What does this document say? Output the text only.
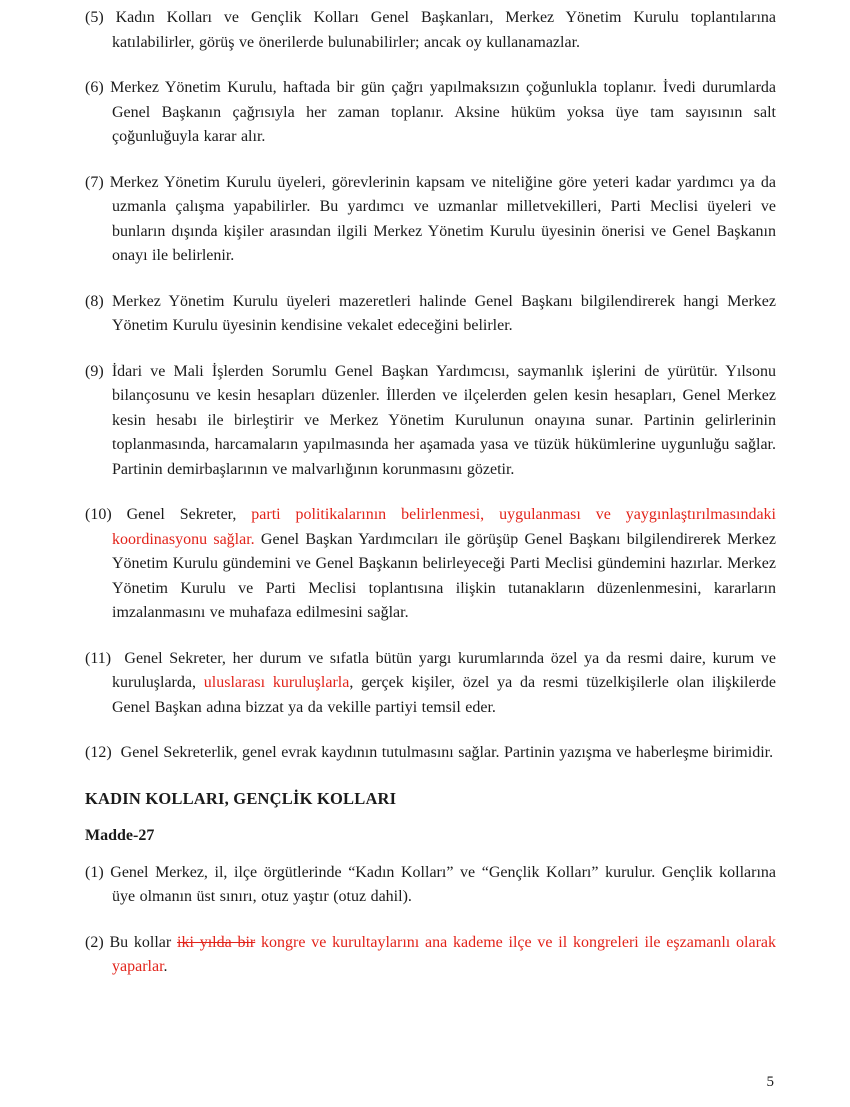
(5) Kadın Kolları ve Gençlik Kolları Genel Başkanları, Merkez Yönetim Kurulu toplantılarına katılabilirler, görüş ve önerilerde bulunabilirler; ancak oy kullanamazlar.

(6) Merkez Yönetim Kurulu, haftada bir gün çağrı yapılmaksızın çoğunlukla toplanır. İvedi durumlarda Genel Başkanın çağrısıyla her zaman toplanır. Aksine hüküm yoksa üye tam sayısının salt çoğunluğuyla karar alır.

(7) Merkez Yönetim Kurulu üyeleri, görevlerinin kapsam ve niteliğine göre yeteri kadar yardımcı ya da uzmanla çalışma yapabilirler. Bu yardımcı ve uzmanlar milletvekilleri, Parti Meclisi üyeleri ve bunların dışında kişiler arasından ilgili Merkez Yönetim Kurulu üyesinin önerisi ve Genel Başkanın onayı ile belirlenir.

(8) Merkez Yönetim Kurulu üyeleri mazeretleri halinde Genel Başkanı bilgilendirerek hangi Merkez Yönetim Kurulu üyesinin kendisine vekalet edeceğini belirler.

(9) İdari ve Mali İşlerden Sorumlu Genel Başkan Yardımcısı, saymanlık işlerini de yürütür. Yılsonu bilançosunu ve kesin hesapları düzenler. İllerden ve ilçelerden gelen kesin hesapları, Genel Merkez kesin hesabı ile birleştirir ve Merkez Yönetim Kurulunun onayına sunar. Partinin gelirlerinin toplanmasında, harcamaların yapılmasında her aşamada yasa ve tüzük hükümlerine uygunluğu sağlar. Partinin demirbaşlarının ve malvarlığının korunmasını gözetir.

(10) Genel Sekreter, parti politikalarının belirlenmesi, uygulanması ve yaygınlaştırılmasındaki koordinasyonu sağlar. Genel Başkan Yardımcıları ile görüşüp Genel Başkanı bilgilendirerek Merkez Yönetim Kurulu gündemini ve Genel Başkanın belirleyeceği Parti Meclisi gündemini hazırlar. Merkez Yönetim Kurulu ve Parti Meclisi toplantısına ilişkin tutanakların düzenlenmesini, kararların imzalanmasını ve muhafaza edilmesini sağlar.

(11)  Genel Sekreter, her durum ve sıfatla bütün yargı kurumlarında özel ya da resmi daire, kurum ve kuruluşlarda, uluslarası kuruluşlarla, gerçek kişiler, özel ya da resmi tüzelkişilerle olan ilişkilerde Genel Başkan adına bizzat ya da vekille partiyi temsil eder.

(12)  Genel Sekreterlik, genel evrak kaydının tutulmasını sağlar. Partinin yazışma ve haberleşme birimidir.

KADIN KOLLARI, GENÇLİK KOLLARI
Madde-27

(1) Genel Merkez, il, ilçe örgütlerinde “Kadın Kolları” ve “Gençlik Kolları” kurulur. Gençlik kollarına üye olmanın üst sınırı, otuz yaştır (otuz dahil).

(2) Bu kollar iki yılda bir kongre ve kurultaylarını ana kademe ilçe ve il kongreleri ile eşzamanlı olarak yaparlar.

5
